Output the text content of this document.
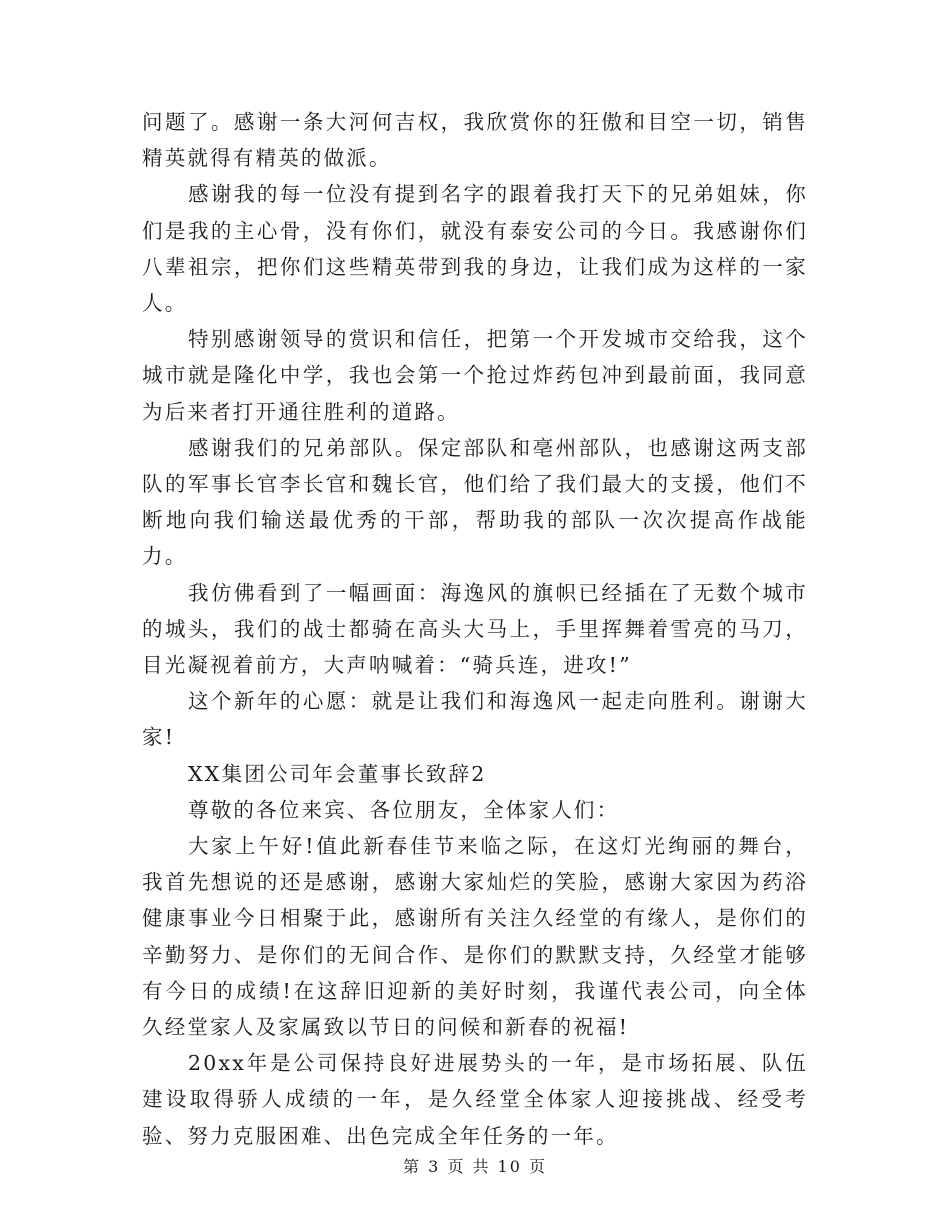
问题了。感谢一条大河何吉权，我欣赏你的狂傲和目空一切，销售精英就得有精英的做派。

感谢我的每一位没有提到名字的跟着我打天下的兄弟姐妹，你们是我的主心骨，没有你们，就没有泰安公司的今日。我感谢你们八辈祖宗，把你们这些精英带到我的身边，让我们成为这样的一家人。

特别感谢领导的赏识和信任，把第一个开发城市交给我，这个城市就是隆化中学，我也会第一个抢过炸药包冲到最前面，我同意为后来者打开通往胜利的道路。

感谢我们的兄弟部队。保定部队和亳州部队，也感谢这两支部队的军事长官李长官和魏长官，他们给了我们最大的支援，他们不断地向我们输送最优秀的干部，帮助我的部队一次次提高作战能力。

我仿佛看到了一幅画面：海逸风的旗帜已经插在了无数个城市的城头，我们的战士都骑在高头大马上，手里挥舞着雪亮的马刀，目光凝视着前方，大声呐喊着：“骑兵连，进攻!”

这个新年的心愿：就是让我们和海逸风一起走向胜利。谢谢大家!

XX集团公司年会董事长致辞2

尊敬的各位来宾、各位朋友，全体家人们：

大家上午好!值此新春佳节来临之际，在这灯光绚丽的舞台，我首先想说的还是感谢，感谢大家灿烂的笑脸，感谢大家因为药浴健康事业今日相聚于此，感谢所有关注久经堂的有缘人，是你们的辛勤努力、是你们的无间合作、是你们的默默支持，久经堂才能够有今日的成绩!在这辞旧迎新的美好时刻，我谨代表公司，向全体久经堂家人及家属致以节日的问候和新春的祝福!

20xx年是公司保持良好进展势头的一年，是市场拓展、队伍建设取得骄人成绩的一年，是久经堂全体家人迎接挑战、经受考验、努力克服困难、出色完成全年任务的一年。

第 3 页 共 10 页
